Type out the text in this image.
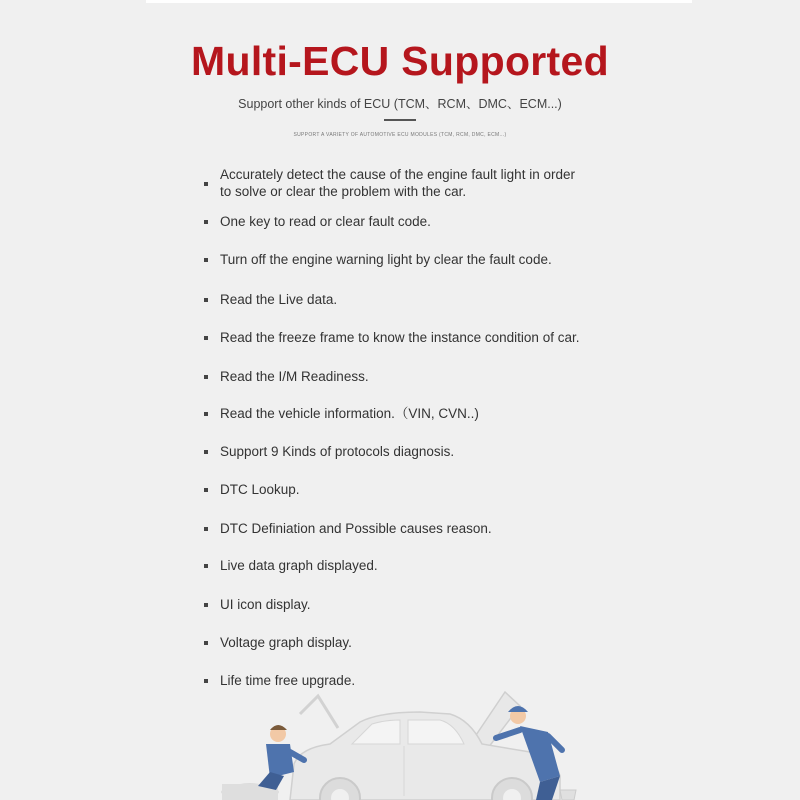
Multi-ECU Supported
Support other kinds of ECU (TCM、RCM、DMC、ECM...)
SUPPORT A VARIETY OF AUTOMOTIVE ECU MODULES (TCM, RCM, DMC, ECM...)
Accurately detect the cause of the engine fault light in order
to solve or clear the problem with the car.
One key to read or clear fault code.
Turn off the engine warning light by clear the fault code.
Read the Live data.
Read the freeze frame to know the instance condition of car.
Read the I/M Readiness.
Read the vehicle information.（VIN, CVN..)
Support 9 Kinds of protocols diagnosis.
DTC Lookup.
DTC Definiation and Possible causes reason.
Live data graph displayed.
UI icon display.
Voltage graph display.
Life time free upgrade.
